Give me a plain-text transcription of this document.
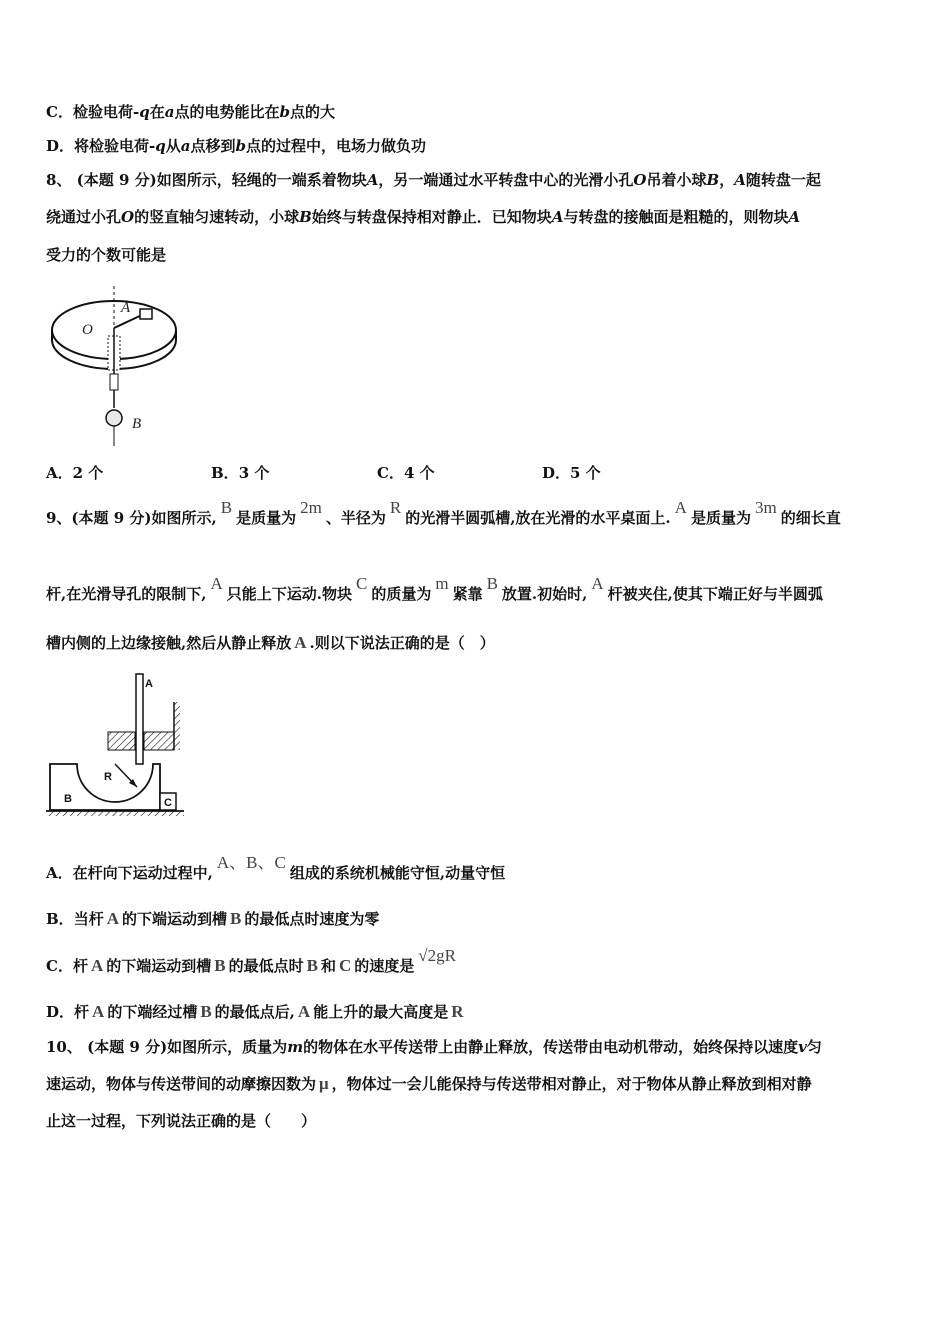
C．检验电荷-q在a点的电势能比在b点的大
D．将检验电荷-q从a点移到b点的过程中，电场力做负功
8、 (本题 9 分)如图所示，轻绳的一端系着物块A，另一端通过水平转盘中心的光滑小孔O吊着小球B，A随转盘一起
绕通过小孔O的竖直轴匀速转动，小球B始终与转盘保持相对静止．已知物块A与转盘的接触面是粗糙的，则物块A
受力的个数可能是
A
O
B
A．2 个	B．3 个	C．4 个	D．5 个
9、(本题 9 分)如图所示,B是质量为2m、半径为R的光滑半圆弧槽,放在光滑的水平桌面上.A是质量为3m的细长直
杆,在光滑导孔的限制下,A只能上下运动.物块C的质量为m紧靠B放置.初始时,A杆被夹住,使其下端正好与半圆弧
槽内侧的上边缘接触,然后从静止释放 A .则以下说法正确的是（　）
A
R
B	C
A．在杆向下运动过程中,A、B、C组成的系统机械能守恒,动量守恒
B．当杆 A 的下端运动到槽 B 的最低点时速度为零
C．杆 A 的下端运动到槽 B 的最低点时 B 和 C 的速度是√2gR
D．杆 A 的下端经过槽 B 的最低点后, A 能上升的最大高度是 R
10、 (本题 9 分)如图所示，质量为m的物体在水平传送带上由静止释放，传送带由电动机带动，始终保持以速度v匀
速运动，物体与传送带间的动摩擦因数为 μ ，物体过一会儿能保持与传送带相对静止，对于物体从静止释放到相对静
止这一过程，下列说法正确的是（　　）
